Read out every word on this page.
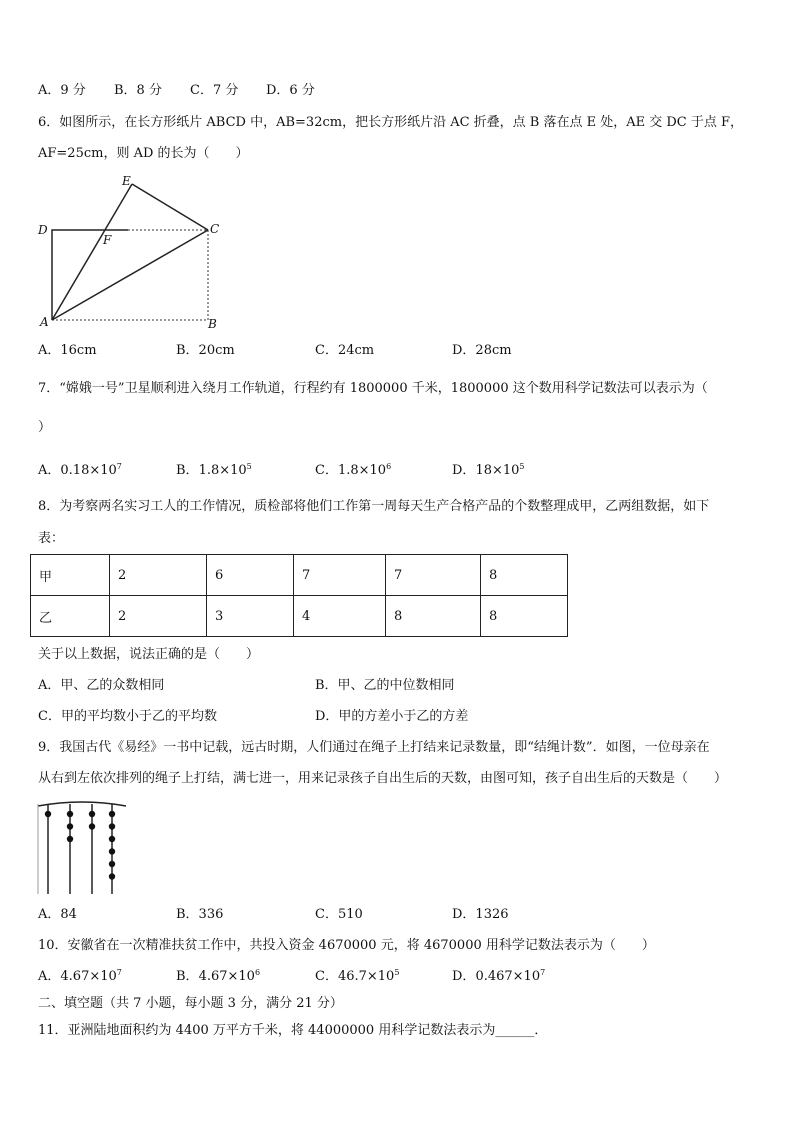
A．9 分 B．8 分 C．7 分 D．6 分
6．如图所示，在长方形纸片 ABCD 中，AB=32cm，把长方形纸片沿 AC 折叠，点 B 落在点 E 处，AE 交 DC 于点 F，
AF=25cm，则 AD 的长为（　　）
E
D
F
C
A	B
A．16cm	B．20cm	C．24cm	D．28cm
7．“嫦娥一号”卫星顺利进入绕月工作轨道，行程约有 1800000 千米，1800000 这个数用科学记数法可以表示为（
）
A．$0.18\times 10^7$	B．$1.8\times 10^5$	C．$1.8\times 10^6$	D．$18\times 10^5$
8．为考察两名实习工人的工作情况，质检部将他们工作第一周每天生产合格产品的个数整理成甲，乙两组数据，如下
表：
甲	2	6	7	7	8
乙	2	3	4	8	8
关于以上数据，说法正确的是（　　）
A．甲、乙的众数相同	B．甲、乙的中位数相同
C．甲的平均数小于乙的平均数	D．甲的方差小于乙的方差
9．我国古代《易经》一书中记载，远古时期，人们通过在绳子上打结来记录数量，即“结绳计数”．如图，一位母亲在
从右到左依次排列的绳子上打结，满七进一，用来记录孩子自出生后的天数，由图可知，孩子自出生后的天数是（　　）
A．84	B．336	C．510	D．1326
10．安徽省在一次精准扶贫工作中，共投入资金 4670000 元，将 4670000 用科学记数法表示为（　　）
A．$4.67\times 10^7$	B．$4.67\times 10^6$	C．$46.7\times 10^5$	D．$0.467\times 10^7$
二、填空题（共 7 小题，每小题 3 分，满分 21 分）
11．亚洲陆地面积约为 4400 万平方千米，将 44000000 用科学记数法表示为______．
